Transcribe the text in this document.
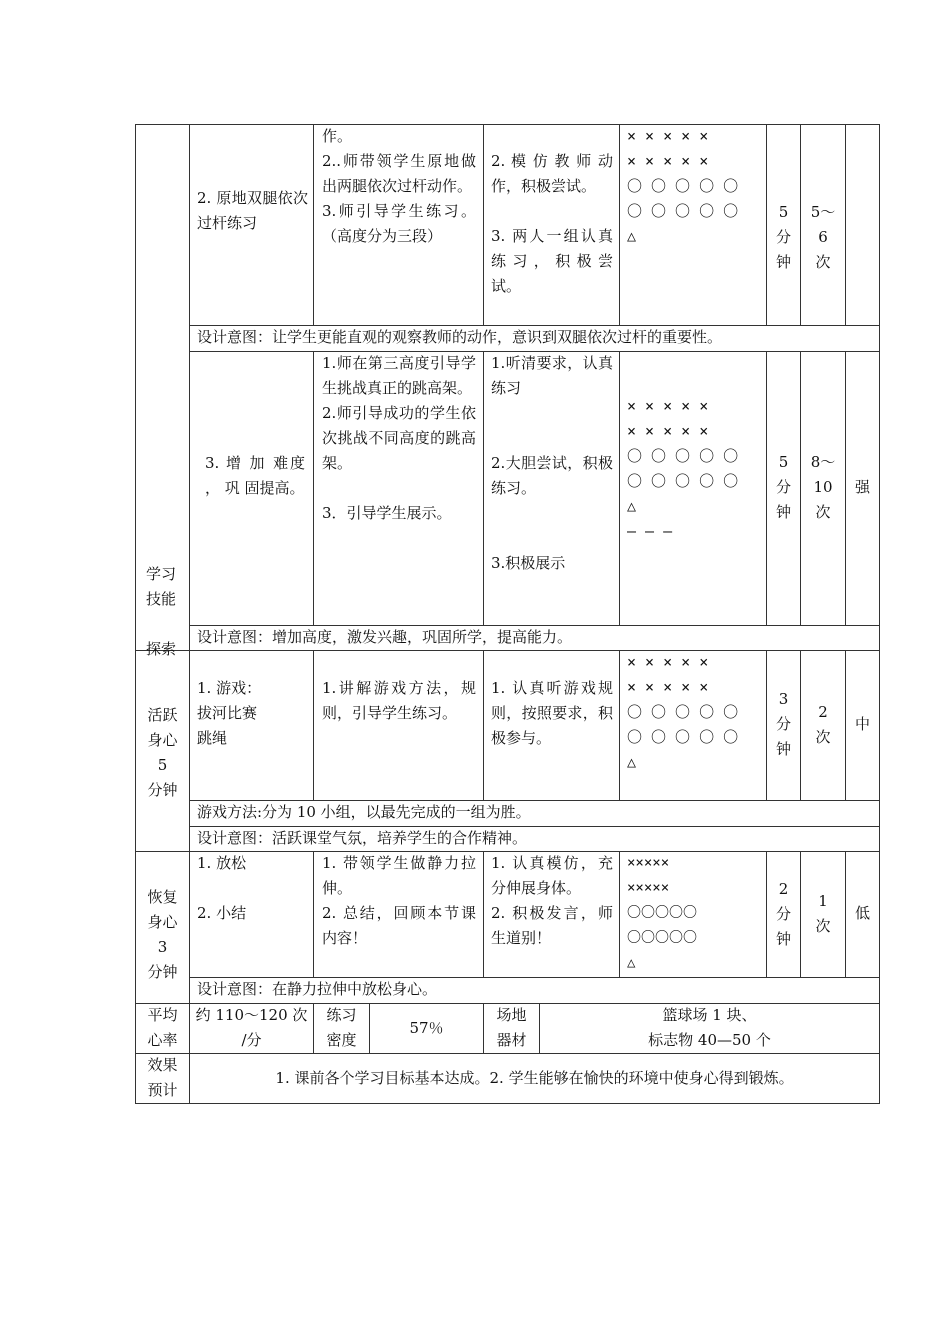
学习
技能

探索
活跃
身心
5
分钟
恢复
身心
3
分钟
2. 原地双腿依次过杆练习
作。
2..师带领学生原地做出两腿依次过杆动作。
3.师引导学生练习。（高度分为三段）

2. 模 仿 教 师 动作，积极尝试。

3. 两人一组认真练 习 ， 积 极 尝试。
× × × × ×
× × × × ×
〇 〇 〇 〇 〇
〇 〇 〇 〇 〇
△
5
分
钟
5～
6
次
设计意图：让学生更能直观的观察教师的动作，意识到双腿依次过杆的重要性。
3. 增 加 难度 ， 巩 固提高。
1.师在第三高度引导学生挑战真正的跳高架。
2.师引导成功的学生依次挑战不同高度的跳高架。

3．引导学生展示。
1.听清要求，认真练习

2.大胆尝试，积极练习。

3.积极展示
× × × × ×
× × × × ×
〇 〇 〇 〇 〇
〇 〇 〇 〇 〇
△
— — —
5
分
钟
8～
10
次
强
设计意图：增加高度，激发兴趣，巩固所学，提高能力。
1. 游戏：
拔河比赛
跳绳
1.讲解游戏方法，规则，引导学生练习。
1. 认真听游戏规则，按照要求，积极参与。
× × × × ×
× × × × ×
〇 〇 〇 〇 〇
〇 〇 〇 〇 〇
△
3
分
钟
2
次
中
游戏方法:分为 10 小组，以最先完成的一组为胜。
设计意图：活跃课堂气氛，培养学生的合作精神。
1. 放松

2. 小结
1. 带领学生做静力拉伸。
2. 总结，回顾本节课内容！
1. 认真模仿，充分伸展身体。
2. 积极发言，师生道别！
×××××
×××××
〇〇〇〇〇
〇〇〇〇〇
△
2
分
钟
1
次
低
设计意图：在静力拉伸中放松身心。
平均
心率
约 110～120 次
/分
练习
密度
57％
场地
器材
篮球场 1 块、
标志物 40—50 个
效果
预计
1. 课前各个学习目标基本达成。2. 学生能够在愉快的环境中使身心得到锻炼。
